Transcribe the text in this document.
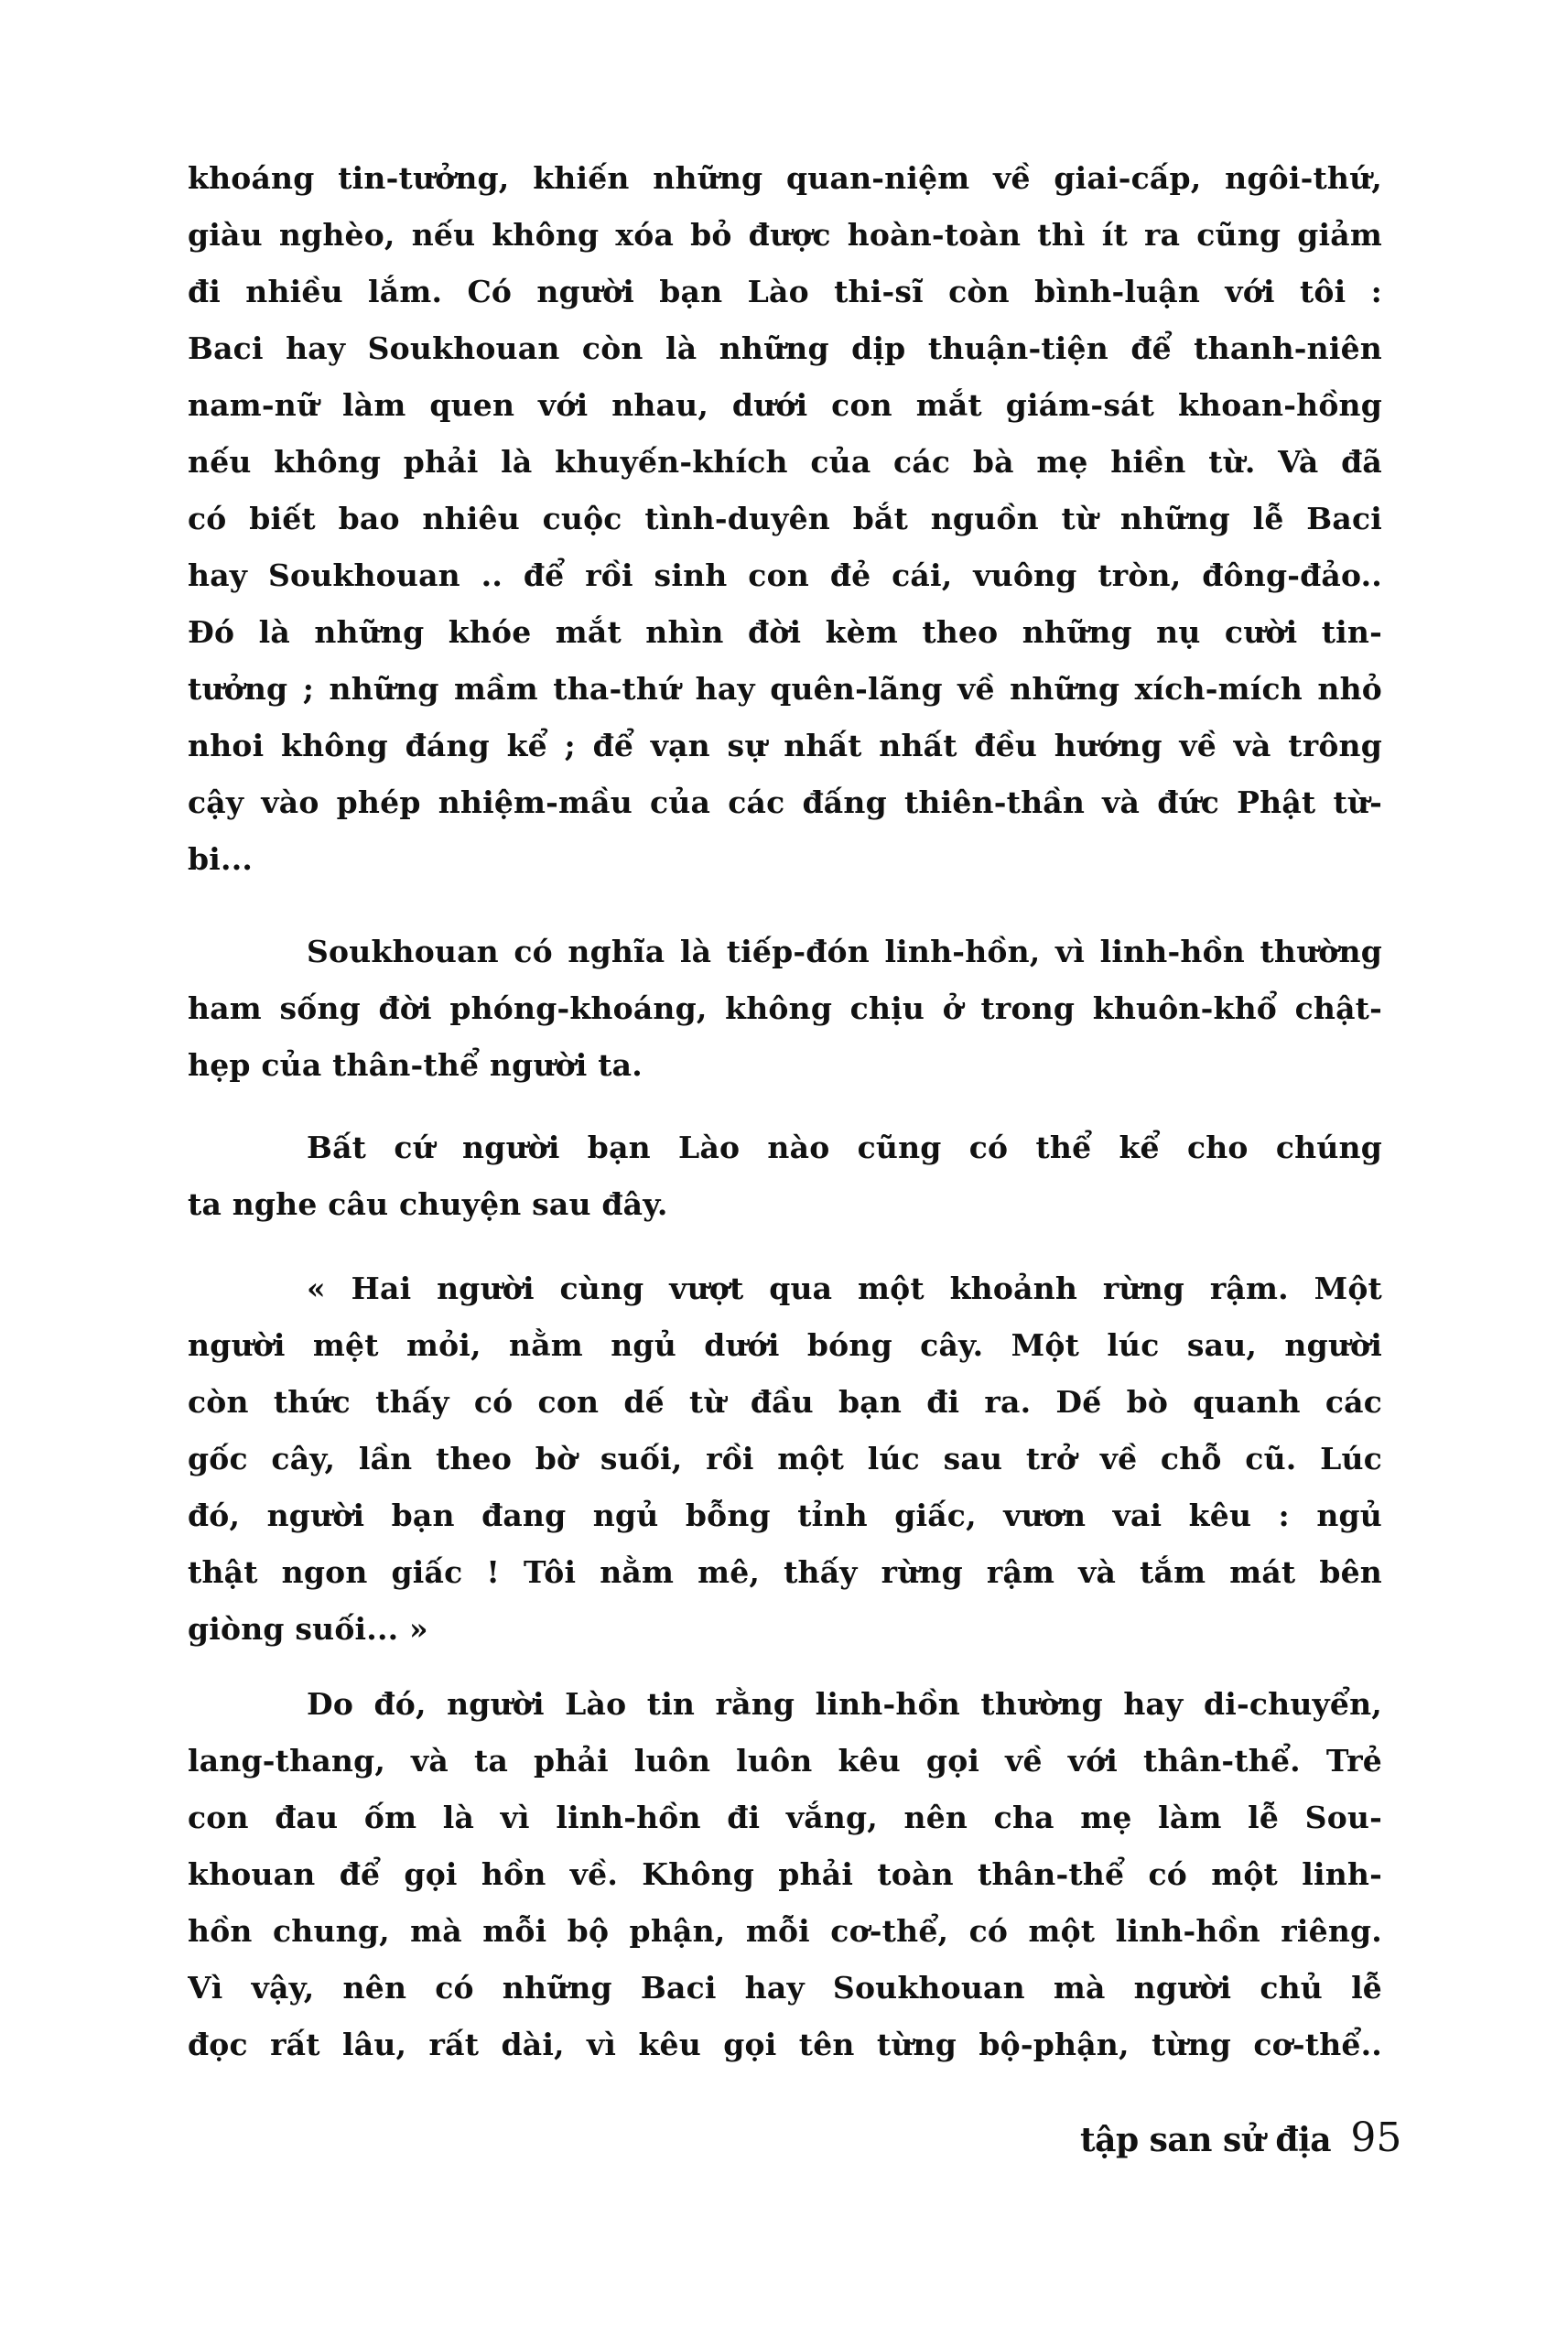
khoáng tin-tưởng, khiến những quan-niệm về giai-cấp, ngôi-thứ,
giàu nghèo, nếu không xóa bỏ được hoàn-toàn thì ít ra cũng giảm
đi nhiều lắm. Có người bạn Lào thi-sĩ còn bình-luận với tôi :
Baci hay Soukhouan còn là những dịp thuận-tiện để thanh-niên
nam-nữ làm quen với nhau, dưới con mắt giám-sát khoan-hồng
nếu không phải là khuyến-khích của các bà mẹ hiền từ. Và đã
có biết bao nhiêu cuộc tình-duyên bắt nguồn từ những lễ Baci
hay Soukhouan .. để rồi sinh con đẻ cái, vuông tròn, đông-đảo..
Đó là những khóe mắt nhìn đời kèm theo những nụ cười tin-
tưởng ; những mầm tha-thứ hay quên-lãng về những xích-mích nhỏ
nhoi không đáng kể ; để vạn sự nhất nhất đều hướng về và trông
cậy vào phép nhiệm-mầu của các đấng thiên-thần và đức Phật từ-
bi...
Soukhouan có nghĩa là tiếp-đón linh-hồn, vì linh-hồn thường
ham sống đời phóng-khoáng, không chịu ở trong khuôn-khổ chật-
hẹp của thân-thể người ta.
Bất cứ người bạn Lào nào cũng có thể kể cho chúng
ta nghe câu chuyện sau đây.
« Hai người cùng vượt qua một khoảnh rừng rậm. Một
người mệt mỏi, nằm ngủ dưới bóng cây. Một lúc sau, người
còn thức thấy có con dế từ đầu bạn đi ra. Dế bò quanh các
gốc cây, lần theo bờ suối, rồi một lúc sau trở về chỗ cũ. Lúc
đó, người bạn đang ngủ bỗng tỉnh giấc, vươn vai kêu : ngủ
thật ngon giấc ! Tôi nằm mê, thấy rừng rậm và tắm mát bên
giòng suối... »
Do đó, người Lào tin rằng linh-hồn thường hay di-chuyển,
lang-thang, và ta phải luôn luôn kêu gọi về với thân-thể. Trẻ
con đau ốm là vì linh-hồn đi vắng, nên cha mẹ làm lễ Sou-
khouan để gọi hồn về. Không phải toàn thân-thể có một linh-
hồn chung, mà mỗi bộ phận, mỗi cơ-thể, có một linh-hồn riêng.
Vì vậy, nên có những Baci hay Soukhouan mà người chủ lễ
đọc rất lâu, rất dài, vì kêu gọi tên từng bộ-phận, từng cơ-thể..
tập san sử địa 95
